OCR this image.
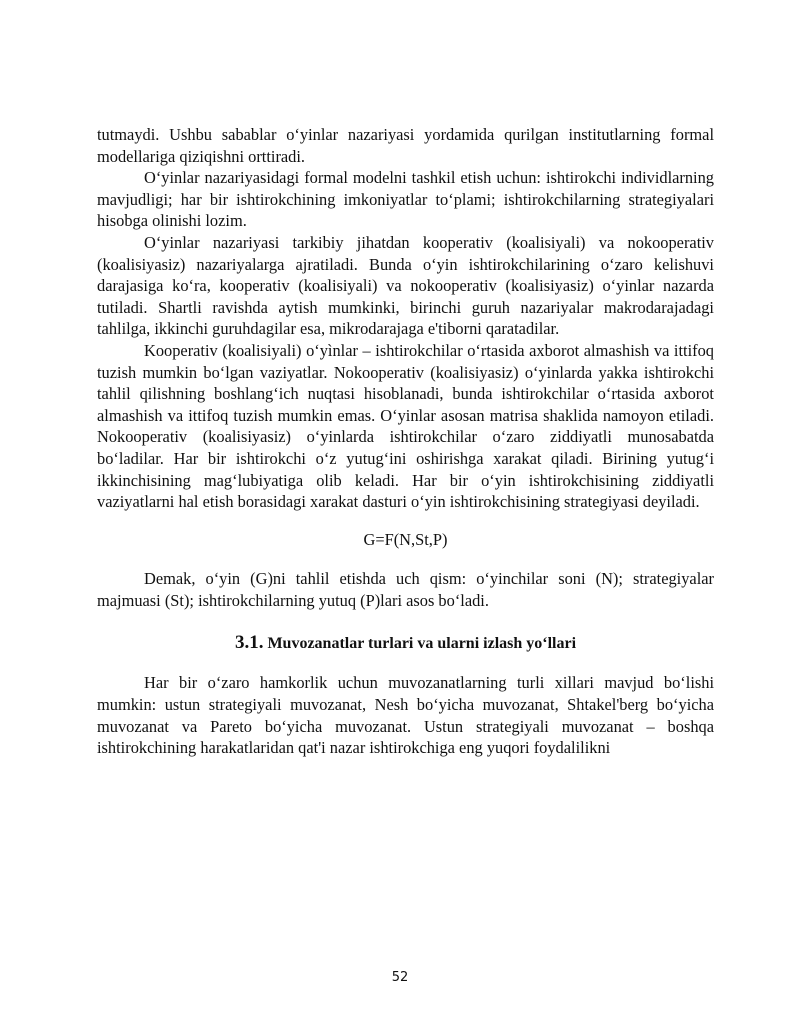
tutmaydi. Ushbu sabablar o‘yinlar nazariyasi yordamida qurilgan institutlarning formal modellariga qiziqishni orttiradi.

O‘yinlar nazariyasidagi formal modelni tashkil etish uchun: ishtirokchi individlarning mavjudligi; har bir ishtirokchining imkoniyatlar to‘plami; ishtirokchilarning strategiyalari hisobga olinishi lozim.

O‘yinlar nazariyasi tarkibiy jihatdan kooperativ (koalisiyali) va nokooperativ (koalisiyasiz) nazariyalarga ajratiladi. Bunda o‘yin ishtirokchilarining o‘zaro kelishuvi darajasiga ko‘ra, kooperativ (koalisiyali) va nokooperativ (koalisiyasiz) o‘yinlar nazarda tutiladi. Shartli ravishda aytish mumkinki, birinchi guruh nazariyalar makrodarajadagi tahlilga, ikkinchi guruhdagilar esa, mikrodarajaga e'tiborni qaratadilar.

Kooperativ (koalisiyali) o‘yìnlar – ishtirokchilar o‘rtasida axborot almashish va ittifoq tuzish mumkin bo‘lgan vaziyatlar. Nokooperativ (koalisiyasiz) o‘yinlarda yakka ishtirokchi tahlil qilishning boshlang‘ich nuqtasi hisoblanadi, bunda ishtirokchilar o‘rtasida axborot almashish va ittifoq tuzish mumkin emas. O‘yinlar asosan matrisa shaklida namoyon etiladi. Nokooperativ (koalisiyasiz) o‘yinlarda ishtirokchilar o‘zaro ziddiyatli munosabatda bo‘ladilar. Har bir ishtirokchi o‘z yutug‘ini oshirishga xarakat qiladi. Birining yutug‘i ikkinchisining mag‘lubiyatiga olib keladi. Har bir o‘yin ishtirokchisining ziddiyatli vaziyatlarni hal etish borasidagi xarakat dasturi o‘yin ishtirokchisining strategiyasi deyiladi.

G=F(N,St,P)

Demak, o‘yin (G)ni tahlil etishda uch qism: o‘yinchilar soni (N); strategiyalar majmuasi (St); ishtirokchilarning yutuq (P)lari asos bo‘ladi.

3.1. Muvozanatlar turlari va ularni izlash yo‘llari

Har bir o‘zaro hamkorlik uchun muvozanatlarning turli xillari mavjud bo‘lishi mumkin: ustun strategiyali muvozanat, Nesh bo‘yicha muvozanat, Shtakel'berg bo‘yicha muvozanat va Pareto bo‘yicha muvozanat. Ustun strategiyali muvozanat – boshqa ishtirokchining harakatlaridan qat'i nazar ishtirokchiga eng yuqori foydalilikni

52
